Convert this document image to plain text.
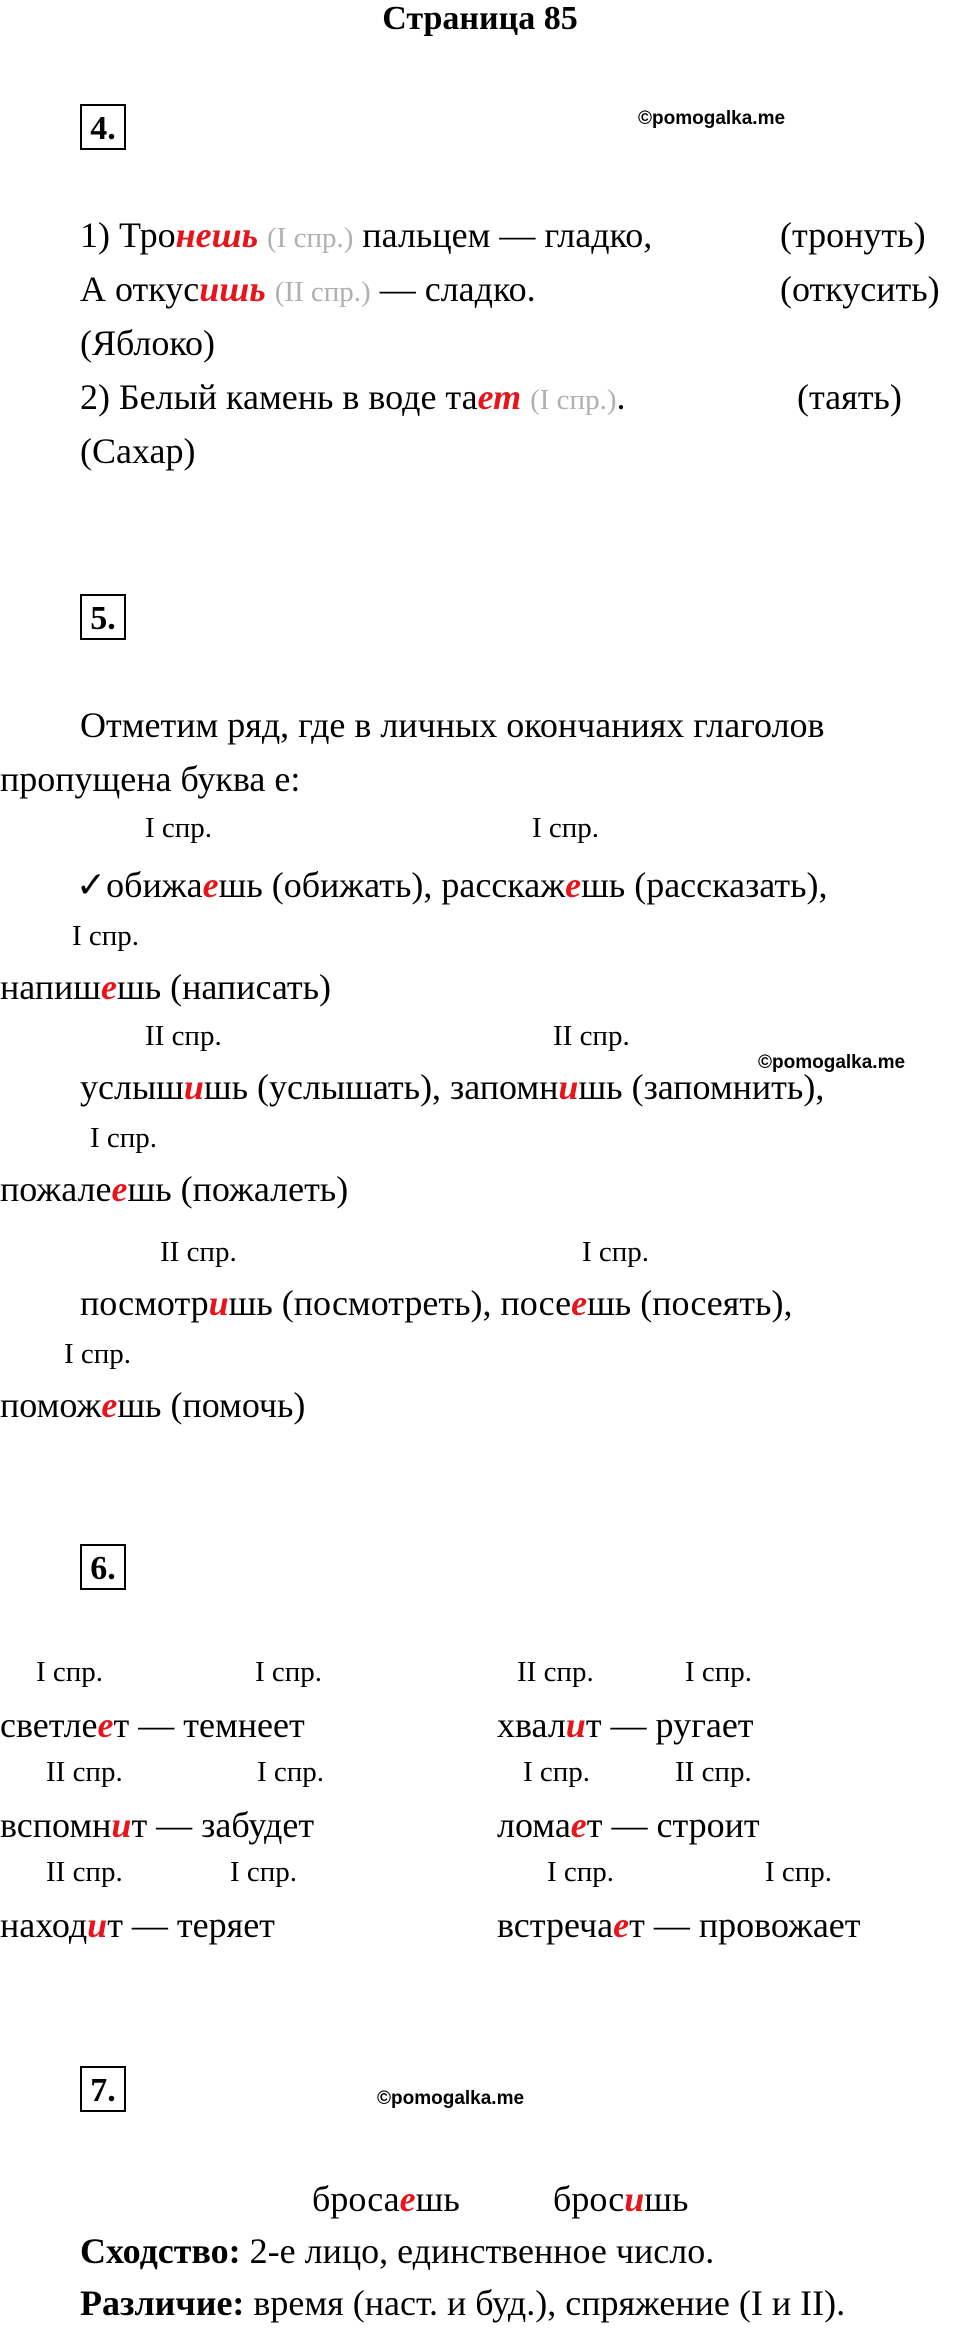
Страница 85
4.	©pomogalka.me
1) Тронешь (I спр.) пальцем — гладко,	(тронуть)
А откусишь (II спр.) — сладко.	(откусить)
(Яблоко)
2) Белый камень в воде тает (I спр.).	(таять)
(Сахар)
5.
Отметим ряд, где в личных окончаниях глаголов
пропущена буква е:
I спр.	I спр.
✓обижаешь (обижать), расскажешь (рассказать),
I спр.
напишешь (написать)
II спр.	II спр.
©pomogalka.me
услышишь (услышать), запомнишь (запомнить),
I спр.
пожалеешь (пожалеть)
II спр.	I спр.
посмотришь (посмотреть), посеешь (посеять),
I спр.
поможешь (помочь)
6.
I спр.	I спр.	II спр.	I спр.
светлеет — темнеет	хвалит — ругает
II спр.	I спр.	I спр.	II спр.
вспомнит — забудет	ломает — строит
II спр.	I спр.	I спр.	I спр.
находит — теряет	встречает — провожает
7.	©pomogalka.me
бросаешь	бросишь
Сходство: 2-е лицо, единственное число.
Различие: время (наст. и буд.), спряжение (I и II).
